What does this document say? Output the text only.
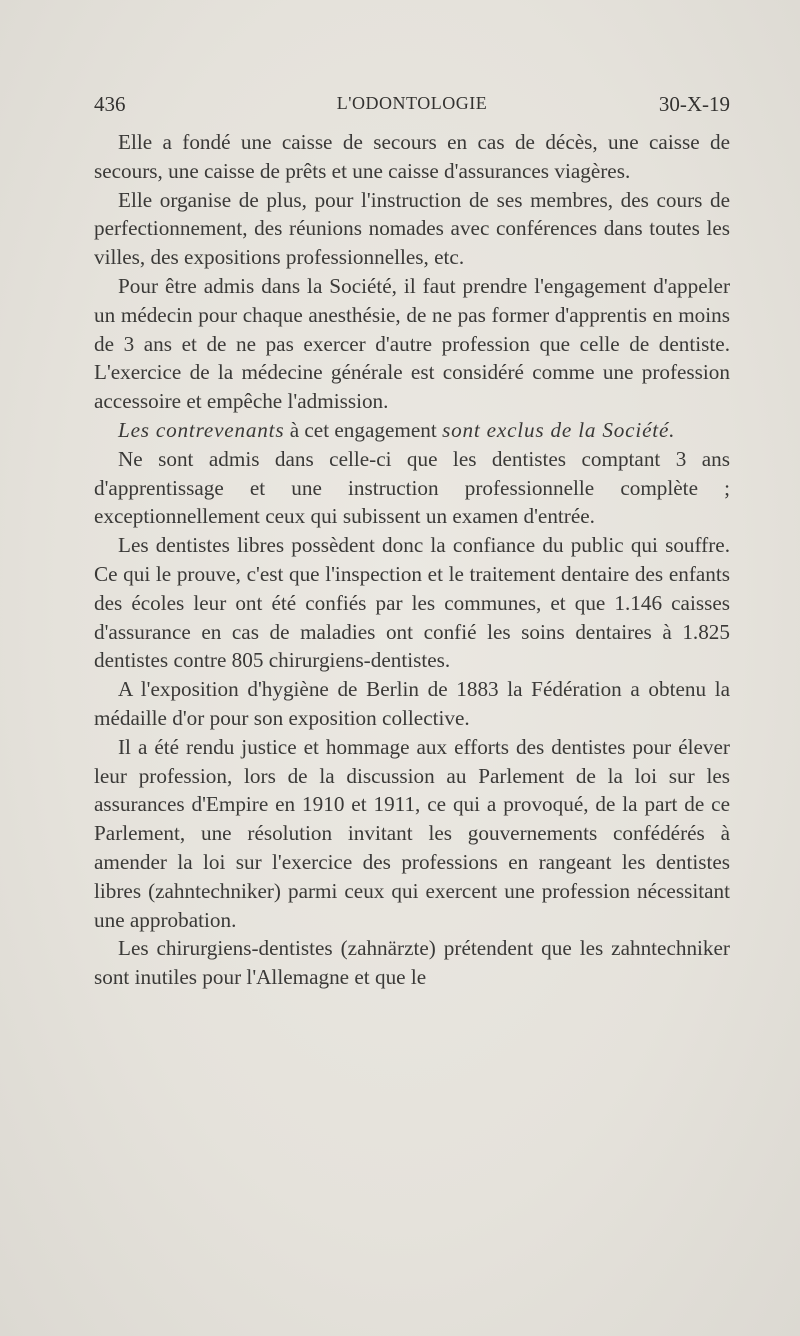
436	L'ODONTOLOGIE	30-X-19

Elle a fondé une caisse de secours en cas de décès, une caisse de secours, une caisse de prêts et une caisse d'assurances viagères.

Elle organise de plus, pour l'instruction de ses membres, des cours de perfectionnement, des réunions nomades avec conférences dans toutes les villes, des expositions professionnelles, etc.

Pour être admis dans la Société, il faut prendre l'engagement d'appeler un médecin pour chaque anesthésie, de ne pas former d'apprentis en moins de 3 ans et de ne pas exercer d'autre profession que celle de dentiste. L'exercice de la médecine générale est considéré comme une profession accessoire et empêche l'admission.

Les contrevenants à cet engagement sont exclus de la Société.

Ne sont admis dans celle-ci que les dentistes comptant 3 ans d'apprentissage et une instruction professionnelle complète ; exceptionnellement ceux qui subissent un examen d'entrée.

Les dentistes libres possèdent donc la confiance du public qui souffre. Ce qui le prouve, c'est que l'inspection et le traitement dentaire des enfants des écoles leur ont été confiés par les communes, et que 1.146 caisses d'assurance en cas de maladies ont confié les soins dentaires à 1.825 dentistes contre 805 chirurgiens-dentistes.

A l'exposition d'hygiène de Berlin de 1883 la Fédération a obtenu la médaille d'or pour son exposition collective.

Il a été rendu justice et hommage aux efforts des dentistes pour élever leur profession, lors de la discussion au Parlement de la loi sur les assurances d'Empire en 1910 et 1911, ce qui a provoqué, de la part de ce Parlement, une résolution invitant les gouvernements confédérés à amender la loi sur l'exercice des professions en rangeant les dentistes libres (zahntechniker) parmi ceux qui exercent une profession nécessitant une approbation.

Les chirurgiens-dentistes (zahnärzte) prétendent que les zahntechniker sont inutiles pour l'Allemagne et que le
